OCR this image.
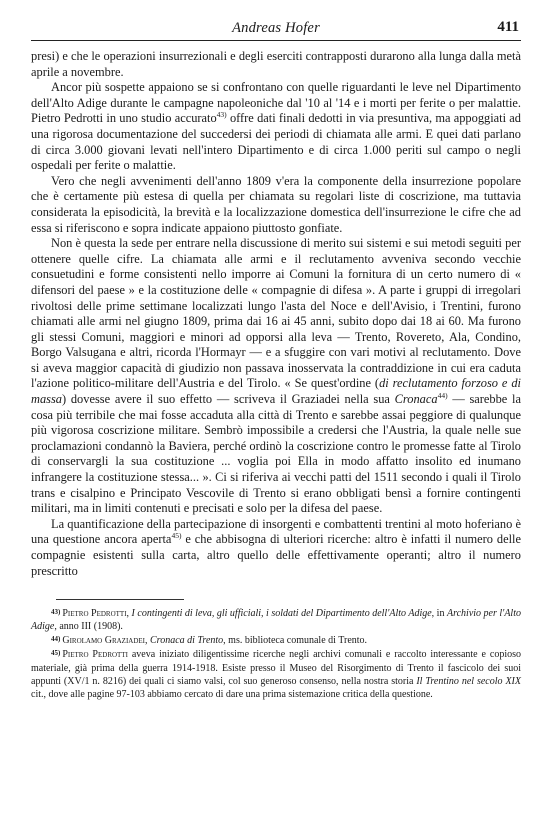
Andreas Hofer	411

presi) e che le operazioni insurrezionali e degli eserciti contrapposti durarono alla lunga dalla metà aprile a novembre.

Ancor più sospette appaiono se si confrontano con quelle riguardanti le leve nel Dipartimento dell'Alto Adige durante le campagne napoleoniche dal '10 al '14 e i morti per ferite o per malattie. Pietro Pedrotti in uno studio accurato$^{43)}$ offre dati finali dedotti in via presuntiva, ma appoggiati ad una rigorosa documentazione del succedersi dei periodi di chiamata alle armi. E quei dati parlano di circa 3.000 giovani levati nell'intero Dipartimento e di circa 1.000 periti sul campo o negli ospedali per ferite o malattie.

Vero che negli avvenimenti dell'anno 1809 v'era la componente della insurrezione popolare che è certamente più estesa di quella per chiamata su regolari liste di coscrizione, ma tuttavia considerata la episodicità, la brevità e la localizzazione domestica dell'insurrezione le cifre che ad essa si riferiscono e sopra indicate appaiono piuttosto gonfiate.

Non è questa la sede per entrare nella discussione di merito sui sistemi e sui metodi seguiti per ottenere quelle cifre. La chiamata alle armi e il reclutamento avveniva secondo vecchie consuetudini e forme consistenti nello imporre ai Comuni la fornitura di un certo numero di « difensori del paese » e la costituzione delle « compagnie di difesa ». A parte i gruppi di irregolari rivoltosi delle prime settimane localizzati lungo l'asta del Noce e dell'Avisio, i Trentini, furono chiamati alle armi nel giugno 1809, prima dai 16 ai 45 anni, subito dopo dai 18 ai 60. Ma furono gli stessi Comuni, maggiori e minori ad opporsi alla leva — Trento, Rovereto, Ala, Condino, Borgo Valsugana e altri, ricorda l'Hormayr — e a sfuggire con vari motivi al reclutamento. Dove si aveva maggior capacità di giudizio non passava inosservata la contraddizione in cui era caduta l'azione politico-militare dell'Austria e del Tirolo. « Se quest'ordine (di reclutamento forzoso e di massa) dovesse avere il suo effetto — scriveva il Graziadei nella sua Cronaca$^{44)}$ — sarebbe la cosa più terribile che mai fosse accaduta alla città di Trento e sarebbe assai peggiore di qualunque più vigorosa coscrizione militare. Sembrò impossibile a credersi che l'Austria, la quale nelle sue proclamazioni condannò la Baviera, perché ordinò la coscrizione contro le promesse fatte al Tirolo di conservargli la sua costituzione ... voglia poi Ella in modo affatto insolito ed inumano infrangere la costituzione stessa... ». Ci si riferiva ai vecchi patti del 1511 secondo i quali il Tirolo trans e cisalpino e Principato Vescovile di Trento si erano obbligati bensì a fornire contingenti militari, ma in limiti contenuti e precisati e solo per la difesa del paese.

La quantificazione della partecipazione di insorgenti e combattenti trentini al moto hoferiano è una questione ancora aperta$^{45)}$ e che abbisogna di ulteriori ricerche: altro è infatti il numero delle compagnie esistenti sulla carta, altro quello delle effettivamente operanti; altro il numero prescritto

$^{43)}$ Pietro Pedrotti, I contingenti di leva, gli ufficiali, i soldati del Dipartimento dell'Alto Adige, in Archivio per l'Alto Adige, anno III (1908).

$^{44)}$ Girolamo Graziadei, Cronaca di Trento, ms. biblioteca comunale di Trento.

$^{45)}$ Pietro Pedrotti aveva iniziato diligentissime ricerche negli archivi comunali e raccolto interessante e copioso materiale, già prima della guerra 1914-1918. Esiste presso il Museo del Risorgimento di Trento il fascicolo dei suoi appunti (XV/1 n. 8216) dei quali ci siamo valsi, col suo generoso consenso, nella nostra storia Il Trentino nel secolo XIX cit., dove alle pagine 97-103 abbiamo cercato di dare una prima sistemazione critica della questione.
